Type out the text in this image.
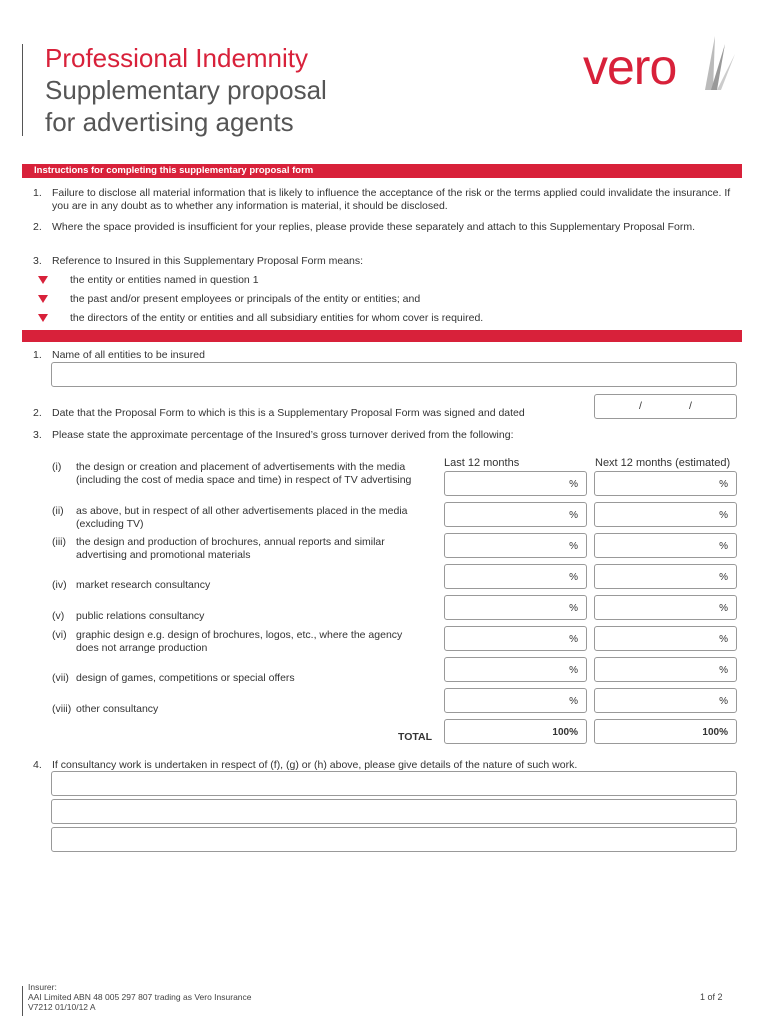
Professional Indemnity
Supplementary proposal
for advertising agents
vero
Instructions for completing this supplementary proposal form
1. Failure to disclose all material information that is likely to influence the acceptance of the risk or the terms applied could invalidate the insurance. If you are in any doubt as to whether any information is material, it should be disclosed.
2. Where the space provided is insufficient for your replies, please provide these separately and attach to this Supplementary Proposal Form.
3. Reference to Insured in this Supplementary Proposal Form means:
the entity or entities named in question 1
the past and/or present employees or principals of the entity or entities; and
the directors of the entity or entities and all subsidiary entities for whom cover is required.
1. Name of all entities to be insured
2. Date that the Proposal Form to which is this is a Supplementary Proposal Form was signed and dated
/	/
3. Please state the approximate percentage of the Insured’s gross turnover derived from the following:
Last 12 months	Next 12 months (estimated)
(i) the design or creation and placement of advertisements with the media (including the cost of media space and time) in respect of TV advertising
(ii) as above, but in respect of all other advertisements placed in the media (excluding TV)
(iii) the design and production of brochures, annual reports and similar advertising and promotional materials
(iv) market research consultancy
(v) public relations consultancy
(vi) graphic design e.g. design of brochures, logos, etc., where the agency does not arrange production
(vii) design of games, competitions or special offers
(viii) other consultancy
%
%
%
%
%
%
%
%
100%
%
%
%
%
%
%
%
%
100%
TOTAL
4. If consultancy work is undertaken in respect of (f), (g) or (h) above, please give details of the nature of such work.
Insurer:
AAI Limited ABN 48 005 297 807 trading as Vero Insurance
V7212 01/10/12 A
1 of 2
